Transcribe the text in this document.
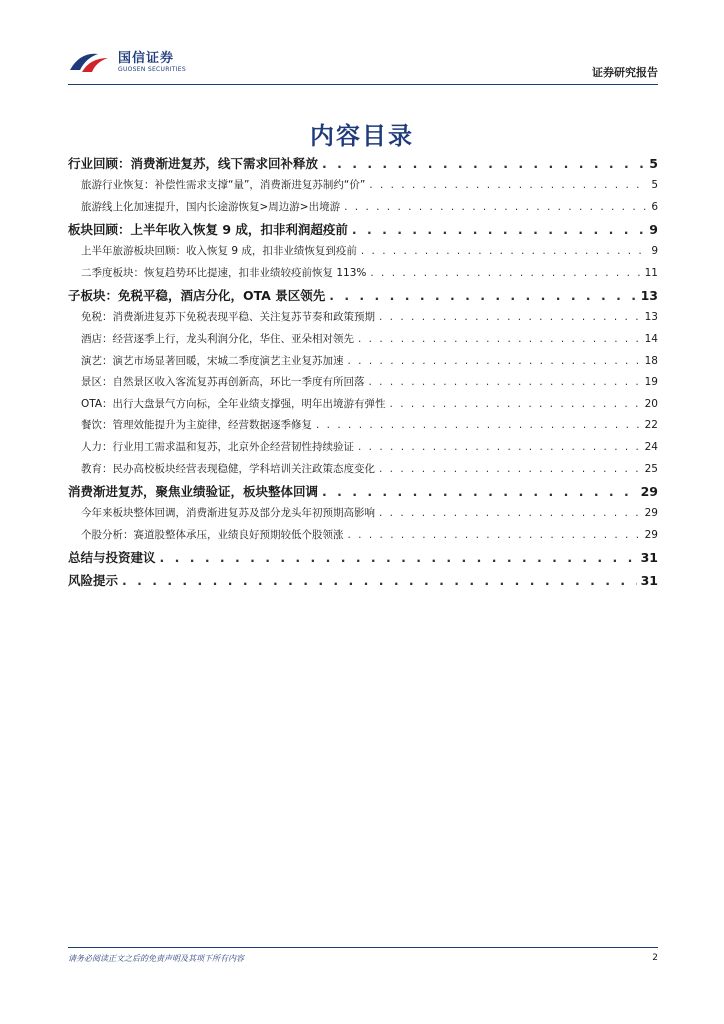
国信证券
GUOSEN SECURITIES	证券研究报告
内容目录
行业回顾：消费渐进复苏，线下需求回补释放 . . .	5
旅游行业恢复：补偿性需求支撑“量”，消费渐进复苏制约“价” . . .	5
旅游线上化加速提升，国内长途游恢复>周边游>出境游 . . .	6
板块回顾：上半年收入恢复 9 成，扣非利润超疫前 . . .	9
上半年旅游板块回顾：收入恢复 9 成，扣非业绩恢复到疫前 . . .	9
二季度板块：恢复趋势环比提速，扣非业绩较疫前恢复 113% . . .	11
子板块：免税平稳，酒店分化，OTA 景区领先 . . .	13
免税：消费渐进复苏下免税表现平稳、关注复苏节奏和政策预期 . . .	13
酒店：经营逐季上行，龙头利润分化，华住、亚朵相对领先 . . .	14
演艺：演艺市场显著回暖，宋城二季度演艺主业复苏加速 . . .	18
景区：自然景区收入客流复苏再创新高，环比一季度有所回落 . . .	19
OTA：出行大盘景气方向标，全年业绩支撑强，明年出境游有弹性 . . .	20
餐饮：管理效能提升为主旋律，经营数据逐季修复 . . .	22
人力：行业用工需求温和复苏，北京外企经营韧性持续验证 . . .	24
教育：民办高校板块经营表现稳健，学科培训关注政策态度变化 . . .	25
消费渐进复苏，聚焦业绩验证，板块整体回调 . . .	29
今年来板块整体回调，消费渐进复苏及部分龙头年初预期高影响 . . .	29
个股分析：赛道股整体承压，业绩良好预期较低个股领涨 . . .	29
总结与投资建议 . . .	31
风险提示 . . .	31
请务必阅读正文之后的免责声明及其项下所有内容	2
